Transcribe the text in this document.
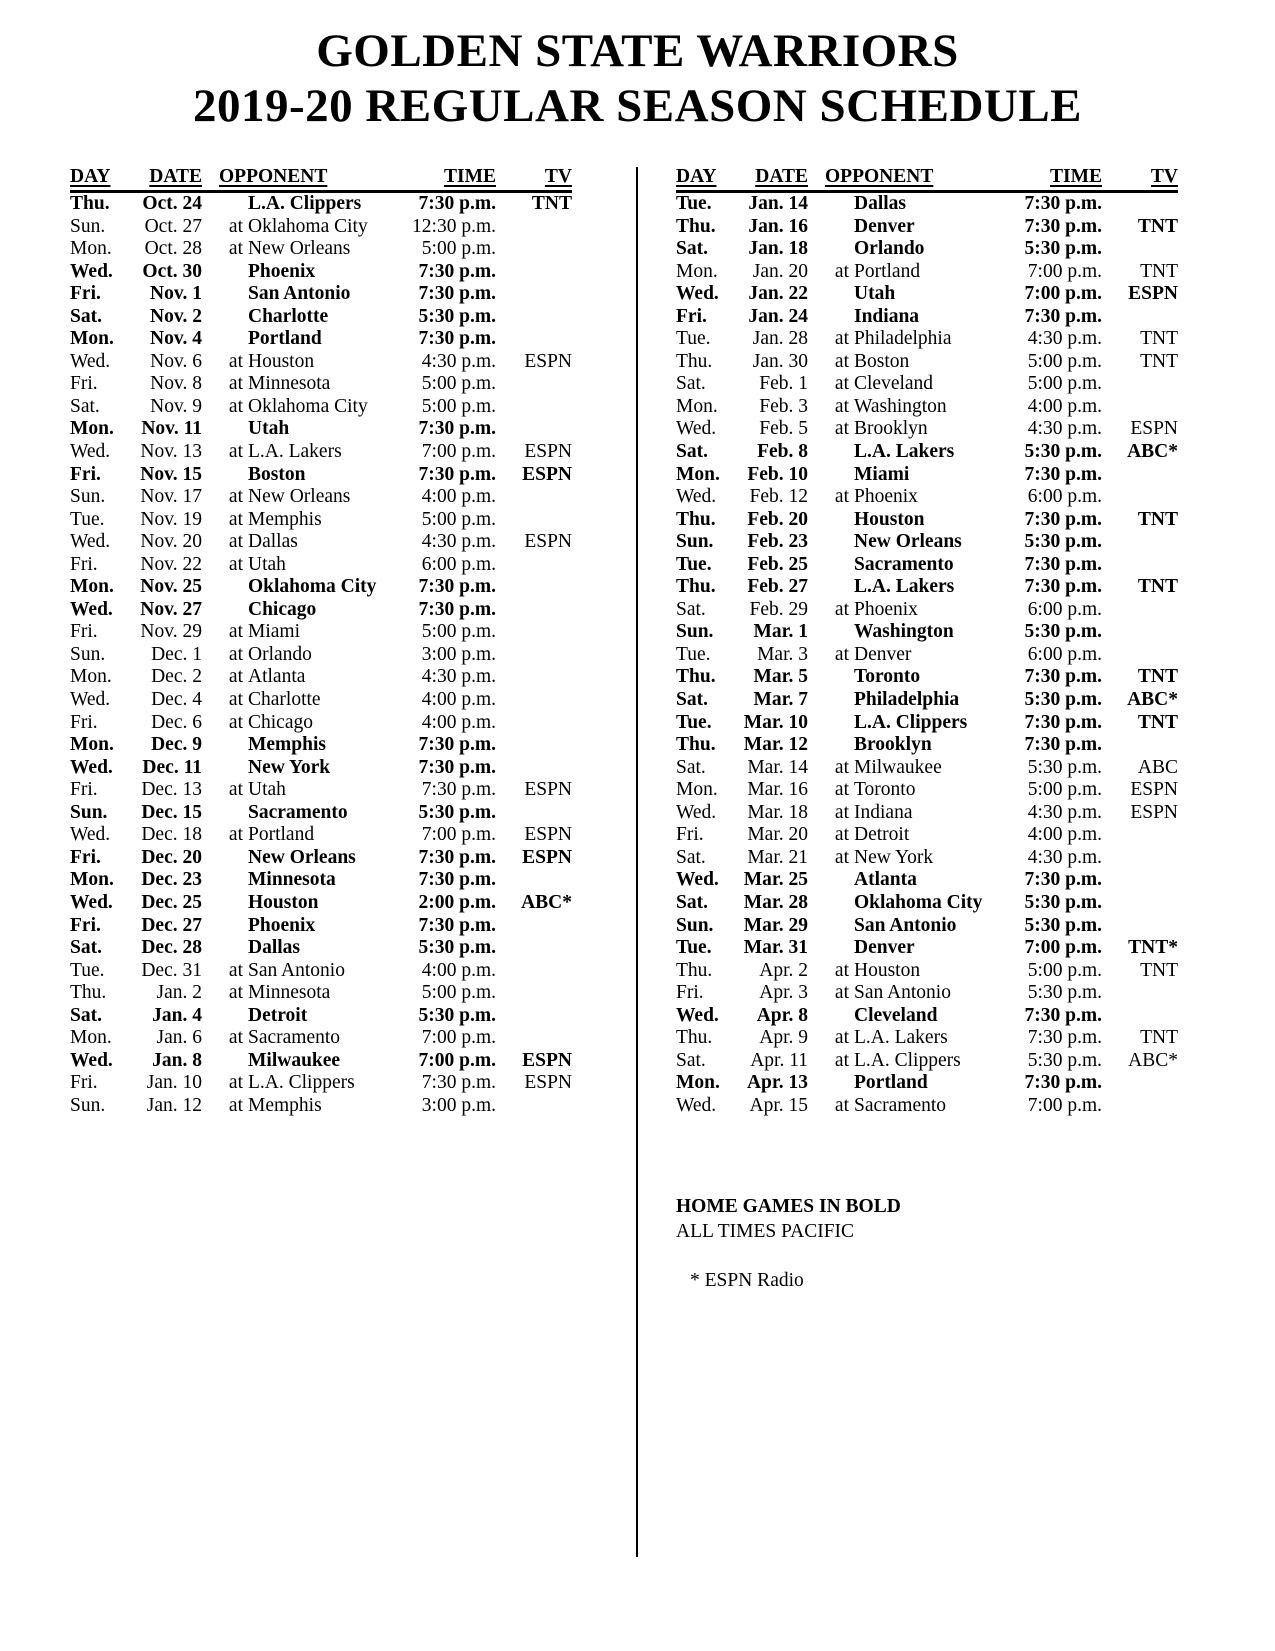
GOLDEN STATE WARRIORS
2019-20 REGULAR SEASON SCHEDULE
DAY	DATE OPPONENT	TIME	TV
Thu.	Oct. 24 L.A. Clippers	7:30 p.m.	TNT
Sun.	Oct. 27	at Oklahoma City	12:30 p.m.
Mon.	Oct. 28	at New Orleans	5:00 p.m.
Wed.	Oct. 30 Phoenix	7:30 p.m.
Fri.	Nov. 1 San Antonio	7:30 p.m.
Sat.	Nov. 2 Charlotte	5:30 p.m.
Mon.	Nov. 4 Portland	7:30 p.m.
Wed.	Nov. 6	at Houston	4:30 p.m.	ESPN
Fri.	Nov. 8	at Minnesota	5:00 p.m.
Sat.	Nov. 9	at Oklahoma City	5:00 p.m.
Mon.	Nov. 11 Utah	7:30 p.m.
Wed.	Nov. 13	at L.A. Lakers	7:00 p.m.	ESPN
Fri.	Nov. 15 Boston	7:30 p.m.	ESPN
Sun.	Nov. 17	at New Orleans	4:00 p.m.
Tue.	Nov. 19	at Memphis	5:00 p.m.
Wed.	Nov. 20	at Dallas	4:30 p.m.	ESPN
Fri.	Nov. 22	at Utah	6:00 p.m.
Mon.	Nov. 25 Oklahoma City	7:30 p.m.
Wed.	Nov. 27 Chicago	7:30 p.m.
Fri.	Nov. 29	at Miami	5:00 p.m.
Sun.	Dec. 1	at Orlando	3:00 p.m.
Mon.	Dec. 2	at Atlanta	4:30 p.m.
Wed.	Dec. 4	at Charlotte	4:00 p.m.
Fri.	Dec. 6	at Chicago	4:00 p.m.
Mon.	Dec. 9 Memphis	7:30 p.m.
Wed.	Dec. 11 New York	7:30 p.m.
Fri.	Dec. 13	at Utah	7:30 p.m.	ESPN
Sun.	Dec. 15 Sacramento	5:30 p.m.
Wed.	Dec. 18	at Portland	7:00 p.m.	ESPN
Fri.	Dec. 20 New Orleans	7:30 p.m.	ESPN
Mon.	Dec. 23 Minnesota	7:30 p.m.
Wed.	Dec. 25 Houston	2:00 p.m.	ABC*
Fri.	Dec. 27 Phoenix	7:30 p.m.
Sat.	Dec. 28 Dallas	5:30 p.m.
Tue.	Dec. 31	at San Antonio	4:00 p.m.
Thu.	Jan. 2	at Minnesota	5:00 p.m.
Sat.	Jan. 4 Detroit	5:30 p.m.
Mon.	Jan. 6	at Sacramento	7:00 p.m.
Wed.	Jan. 8 Milwaukee	7:00 p.m.	ESPN
Fri.	Jan. 10	at L.A. Clippers	7:30 p.m.	ESPN
Sun.	Jan. 12	at Memphis	3:00 p.m.
DAY	DATE OPPONENT	TIME	TV
Tue.	Jan. 14 Dallas	7:30 p.m.
Thu.	Jan. 16 Denver	7:30 p.m.	TNT
Sat.	Jan. 18 Orlando	5:30 p.m.
Mon.	Jan. 20	at Portland	7:00 p.m.	TNT
Wed.	Jan. 22 Utah	7:00 p.m.	ESPN
Fri.	Jan. 24 Indiana	7:30 p.m.
Tue.	Jan. 28	at Philadelphia	4:30 p.m.	TNT
Thu.	Jan. 30	at Boston	5:00 p.m.	TNT
Sat.	Feb. 1	at Cleveland	5:00 p.m.
Mon.	Feb. 3	at Washington	4:00 p.m.
Wed.	Feb. 5	at Brooklyn	4:30 p.m.	ESPN
Sat.	Feb. 8 L.A. Lakers	5:30 p.m.	ABC*
Mon.	Feb. 10 Miami	7:30 p.m.
Wed.	Feb. 12	at Phoenix	6:00 p.m.
Thu.	Feb. 20 Houston	7:30 p.m.	TNT
Sun.	Feb. 23 New Orleans	5:30 p.m.
Tue.	Feb. 25 Sacramento	7:30 p.m.
Thu.	Feb. 27 L.A. Lakers	7:30 p.m.	TNT
Sat.	Feb. 29	at Phoenix	6:00 p.m.
Sun.	Mar. 1 Washington	5:30 p.m.
Tue.	Mar. 3	at Denver	6:00 p.m.
Thu.	Mar. 5 Toronto	7:30 p.m.	TNT
Sat.	Mar. 7 Philadelphia	5:30 p.m.	ABC*
Tue.	Mar. 10 L.A. Clippers	7:30 p.m.	TNT
Thu.	Mar. 12 Brooklyn	7:30 p.m.
Sat.	Mar. 14	at Milwaukee	5:30 p.m.	ABC
Mon.	Mar. 16	at Toronto	5:00 p.m.	ESPN
Wed.	Mar. 18	at Indiana	4:30 p.m.	ESPN
Fri.	Mar. 20	at Detroit	4:00 p.m.
Sat.	Mar. 21	at New York	4:30 p.m.
Wed.	Mar. 25 Atlanta	7:30 p.m.
Sat.	Mar. 28 Oklahoma City	5:30 p.m.
Sun.	Mar. 29 San Antonio	5:30 p.m.
Tue.	Mar. 31 Denver	7:00 p.m.	TNT*
Thu.	Apr. 2	at Houston	5:00 p.m.	TNT
Fri.	Apr. 3	at San Antonio	5:30 p.m.
Wed.	Apr. 8 Cleveland	7:30 p.m.
Thu.	Apr. 9	at L.A. Lakers	7:30 p.m.	TNT
Sat.	Apr. 11	at L.A. Clippers	5:30 p.m.	ABC*
Mon.	Apr. 13 Portland	7:30 p.m.
Wed.	Apr. 15	at Sacramento	7:00 p.m.
HOME GAMES IN BOLD
ALL TIMES PACIFIC
* ESPN Radio
